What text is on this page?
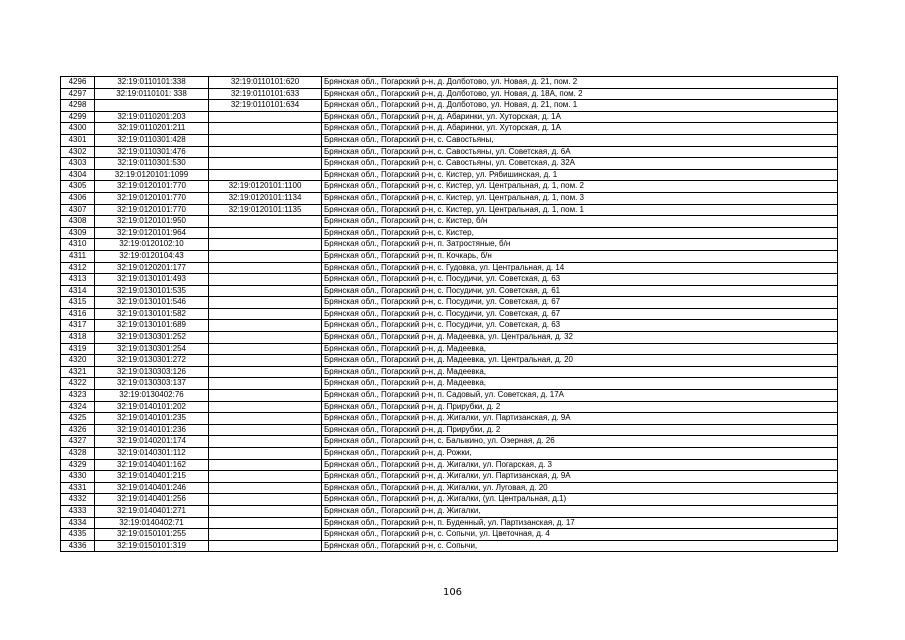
4296	32:19:0110101:338	32:19:0110101:620	Брянская обл., Погарский р-н, д. Долботово, ул. Новая, д. 21, пом. 2
4297	32:19:0110101: 338	32:19:0110101:633	Брянская обл., Погарский р-н, д. Долботово, ул. Новая, д. 18А, пом. 2
4298		32:19:0110101:634	Брянская обл., Погарский р-н, д. Долботово, ул. Новая, д. 21, пом. 1
4299	32:19:0110201:203		Брянская обл., Погарский р-н, д. Абаринки, ул. Хуторская, д. 1А
4300	32:19:0110201:211		Брянская обл., Погарский р-н, д. Абаринки, ул. Хуторская, д. 1А
4301	32:19:0110301:428		Брянская обл., Погарский р-н, с. Савостьяны,
4302	32:19:0110301:476		Брянская обл., Погарский р-н, с. Савостьяны, ул. Советская, д. 6А
4303	32:19:0110301:530		Брянская обл., Погарский р-н, с. Савостьяны, ул. Советская, д. 32А
4304	32:19:0120101:1099		Брянская обл., Погарский р-н, с. Кистер, ул. Рябишинская, д. 1
4305	32:19:0120101:770	32:19:0120101:1100	Брянская обл., Погарский р-н, с. Кистер, ул. Центральная, д. 1, пом. 2
4306	32:19:0120101:770	32:19:0120101:1134	Брянская обл., Погарский р-н, с. Кистер, ул. Центральная, д. 1, пом. 3
4307	32:19:0120101:770	32:19:0120101:1135	Брянская обл., Погарский р-н, с. Кистер, ул. Центральная, д. 1, пом. 1
4308	32:19:0120101:950		Брянская обл., Погарский р-н, с. Кистер, б/н
4309	32:19:0120101:964		Брянская обл., Погарский р-н, с. Кистер,
4310	32:19:0120102:10		Брянская обл., Погарский р-н, п. Затростяные, б/н
4311	32:19:0120104:43		Брянская обл., Погарский р-н, п. Кочкарь, б/н
4312	32:19:0120201:177		Брянская обл., Погарский р-н, с. Гудовка, ул. Центральная, д. 14
4313	32:19:0130101:493		Брянская обл., Погарский р-н, с. Посудичи, ул. Советская, д. 63
4314	32:19:0130101:535		Брянская обл., Погарский р-н, с. Посудичи, ул. Советская, д. 61
4315	32:19:0130101:546		Брянская обл., Погарский р-н, с. Посудичи, ул. Советская, д. 67
4316	32:19:0130101:582		Брянская обл., Погарский р-н, с. Посудичи, ул. Советская, д. 67
4317	32:19:0130101:689		Брянская обл., Погарский р-н, с. Посудичи, ул. Советская, д. 63
4318	32:19:0130301:252		Брянская обл., Погарский р-н, д. Мадеевка, ул. Центральная, д. 32
4319	32:19:0130301:254		Брянская обл., Погарский р-н, д. Мадеевка,
4320	32:19:0130301:272		Брянская обл., Погарский р-н, д. Мадеевка, ул. Центральная, д. 20
4321	32:19:0130303:126		Брянская обл., Погарский р-н, д. Мадеевка,
4322	32:19:0130303:137		Брянская обл., Погарский р-н, д. Мадеевка,
4323	32:19:0130402:76		Брянская обл., Погарский р-н, п. Садовый, ул. Советская, д. 17А
4324	32:19:0140101:202		Брянская обл., Погарский р-н, д. Прирубки, д. 2
4325	32:19:0140101:235		Брянская обл., Погарский р-н, д. Жигалки, ул. Партизанская, д. 9А
4326	32:19:0140101:236		Брянская обл., Погарский р-н, д. Прирубки, д. 2
4327	32:19:0140201:174		Брянская обл., Погарский р-н, с. Балыкино, ул. Озерная, д. 26
4328	32:19:0140301:112		Брянская обл., Погарский р-н, д. Рожки,
4329	32:19:0140401:162		Брянская обл., Погарский р-н, д. Жигалки, ул. Погарская, д. 3
4330	32:19:0140401:215		Брянская обл., Погарский р-н, д. Жигалки, ул. Партизанская, д. 9А
4331	32:19:0140401:246		Брянская обл., Погарский р-н, д. Жигалки, ул. Луговая, д. 20
4332	32:19:0140401:256		Брянская обл., Погарский р-н, д. Жигалки, (ул. Центральная, д.1)
4333	32:19:0140401:271		Брянская обл., Погарский р-н, д. Жигалки,
4334	32:19:0140402:71		Брянская обл., Погарский р-н, п. Буденный, ул. Партизанская, д. 17
4335	32:19:0150101:255		Брянская обл., Погарский р-н, с. Сопычи, ул. Цветочная, д. 4
4336	32:19:0150101:319		Брянская обл., Погарский р-н, с. Сопычи,
106
